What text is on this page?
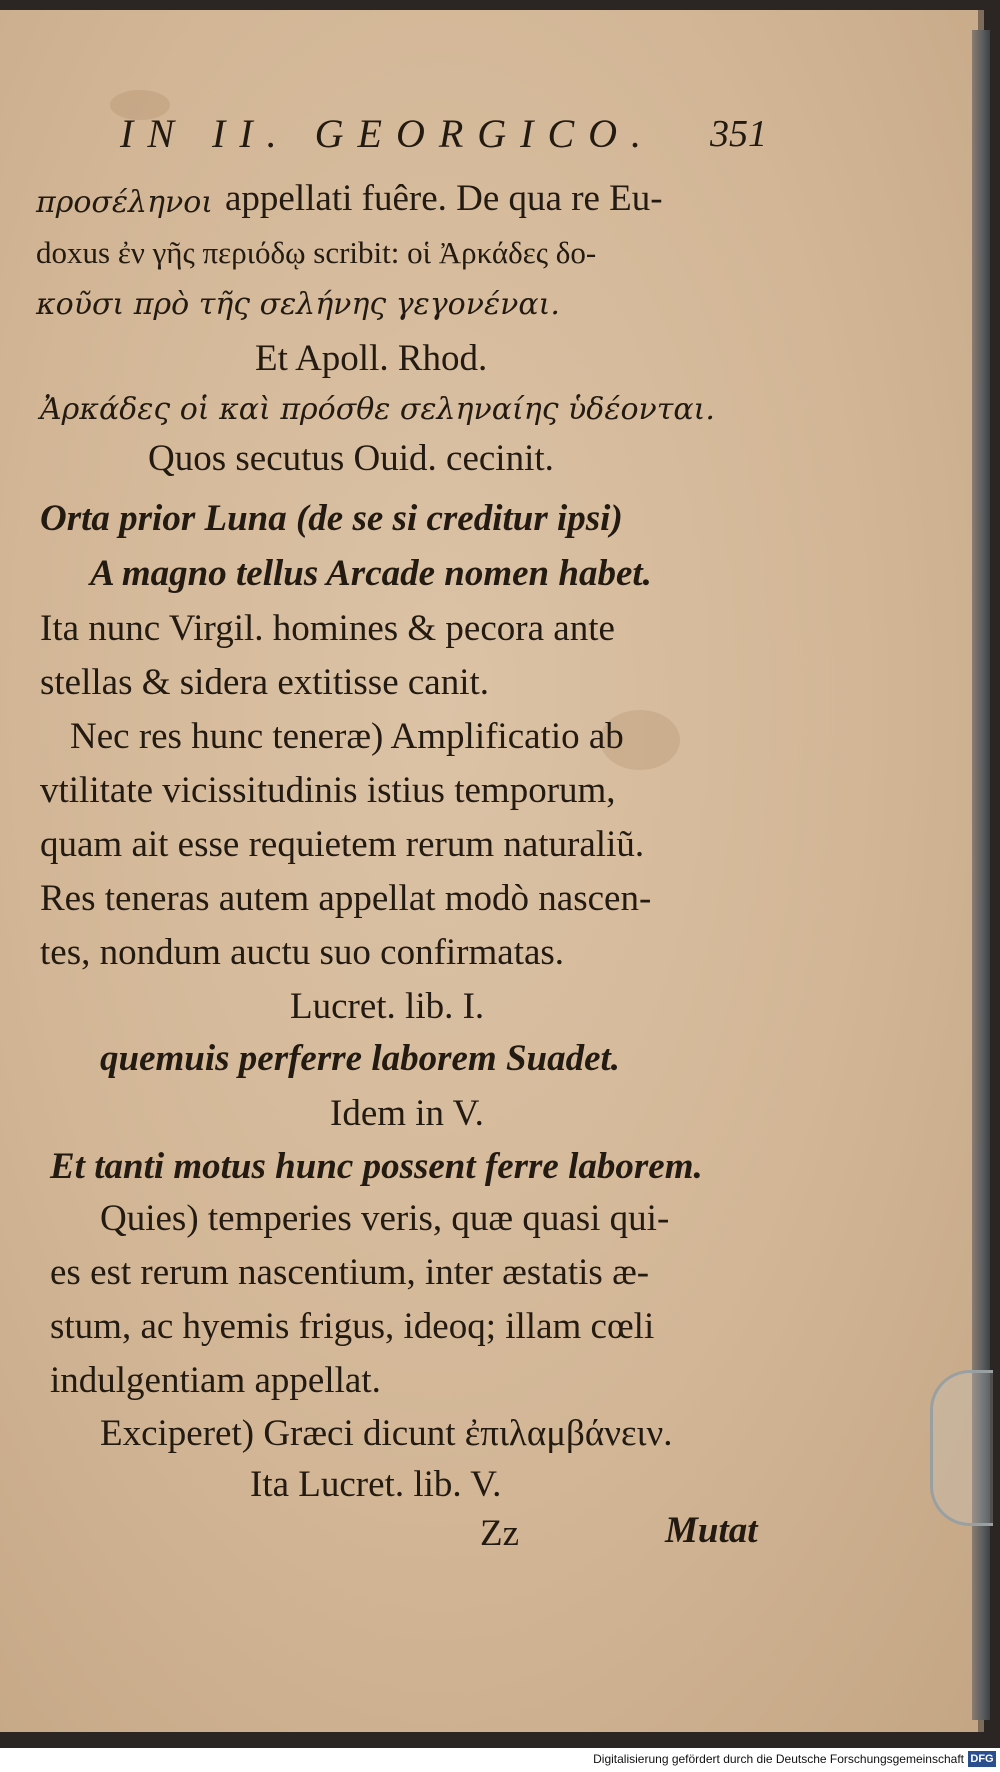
IN II. GEORGICO.	351
προσέληνοι appellati fuêre. De qua re Eu-
doxus ἐν γῆς περιόδῳ scribit: οἱ Ἀρκάδες δο-
κοῦσι πρὸ τῆς σελήνης γεγονέναι.
Et Apoll. Rhod.
Ἀρκάδες οἱ καὶ πρόσθε σεληναίης ὑδέονται.
Quos secutus Ouid. cecinit.
Orta prior Luna (de se si creditur ipsi)
A magno tellus Arcade nomen habet.
Ita nunc Virgil. homines & pecora ante
stellas & sidera extitisse canit.
Nec res hunc teneræ) Amplificatio ab
vtilitate vicissitudinis istius temporum,
quam ait esse requietem rerum naturaliũ.
Res teneras autem appellat modò nascen-
tes, nondum auctu suo confirmatas.
Lucret. lib. I.
quemuis perferre laborem Suadet.
Idem in V.
Et tanti motus hunc possent ferre laborem.
Quies) temperies veris, quæ quasi qui-
es est rerum nascentium, inter æstatis æ-
stum, ac hyemis frigus, ideoq; illam cœli
indulgentiam appellat.
Exciperet) Græci dicunt ἐπιλαμβάνειν.
Ita Lucret. lib. V.
Zz	Mutat
Digitalisierung gefördert durch die Deutsche Forschungsgemeinschaft DFG
